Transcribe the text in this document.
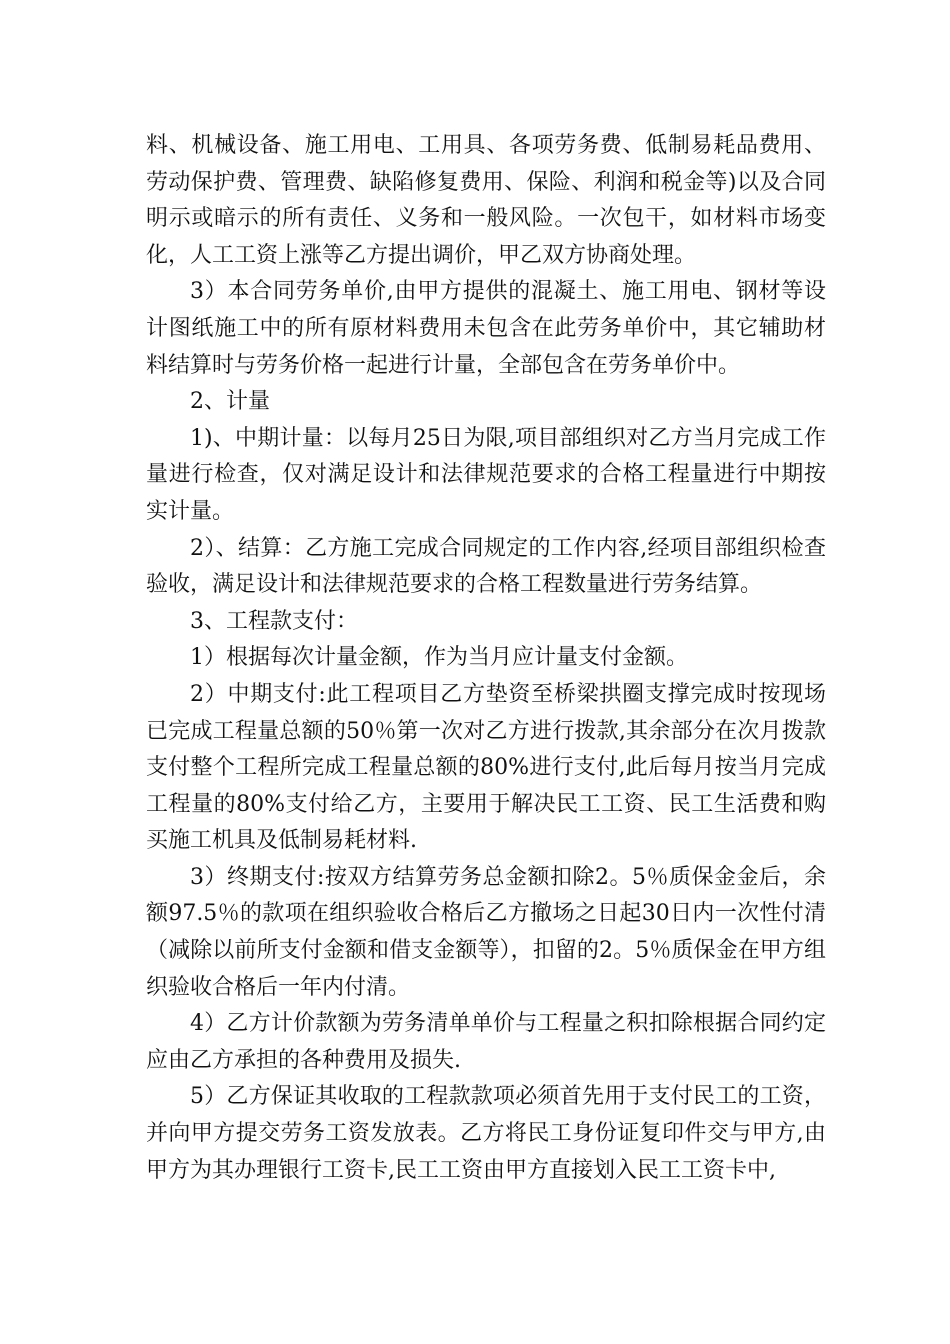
料、机械设备、施工用电、工用具、各项劳务费、低制易耗品费用、劳动保护费、管理费、缺陷修复费用、保险、利润和税金等)以及合同明示或暗示的所有责任、义务和一般风险。一次包干，如材料市场变化，人工工资上涨等乙方提出调价，甲乙双方协商处理。

3）本合同劳务单价,由甲方提供的混凝土、施工用电、钢材等设计图纸施工中的所有原材料费用未包含在此劳务单价中，其它辅助材料结算时与劳务价格一起进行计量，全部包含在劳务单价中。

2、计量

1)、中期计量：以每月25日为限,项目部组织对乙方当月完成工作量进行检查，仅对满足设计和法律规范要求的合格工程量进行中期按实计量。

2）、结算：乙方施工完成合同规定的工作内容,经项目部组织检查验收，满足设计和法律规范要求的合格工程数量进行劳务结算。

3、工程款支付：

1）根据每次计量金额，作为当月应计量支付金额。

2）中期支付:此工程项目乙方垫资至桥梁拱圈支撑完成时按现场已完成工程量总额的50％第一次对乙方进行拨款,其余部分在次月拨款支付整个工程所完成工程量总额的80%进行支付,此后每月按当月完成工程量的80%支付给乙方，主要用于解决民工工资、民工生活费和购买施工机具及低制易耗材料.

3）终期支付:按双方结算劳务总金额扣除2。5％质保金金后，余额97.5％的款项在组织验收合格后乙方撤场之日起30日内一次性付清（减除以前所支付金额和借支金额等），扣留的2。5％质保金在甲方组织验收合格后一年内付清。

4）乙方计价款额为劳务清单单价与工程量之积扣除根据合同约定应由乙方承担的各种费用及损失.

5）乙方保证其收取的工程款款项必须首先用于支付民工的工资，并向甲方提交劳务工资发放表。乙方将民工身份证复印件交与甲方,由甲方为其办理银行工资卡,民工工资由甲方直接划入民工工资卡中,
